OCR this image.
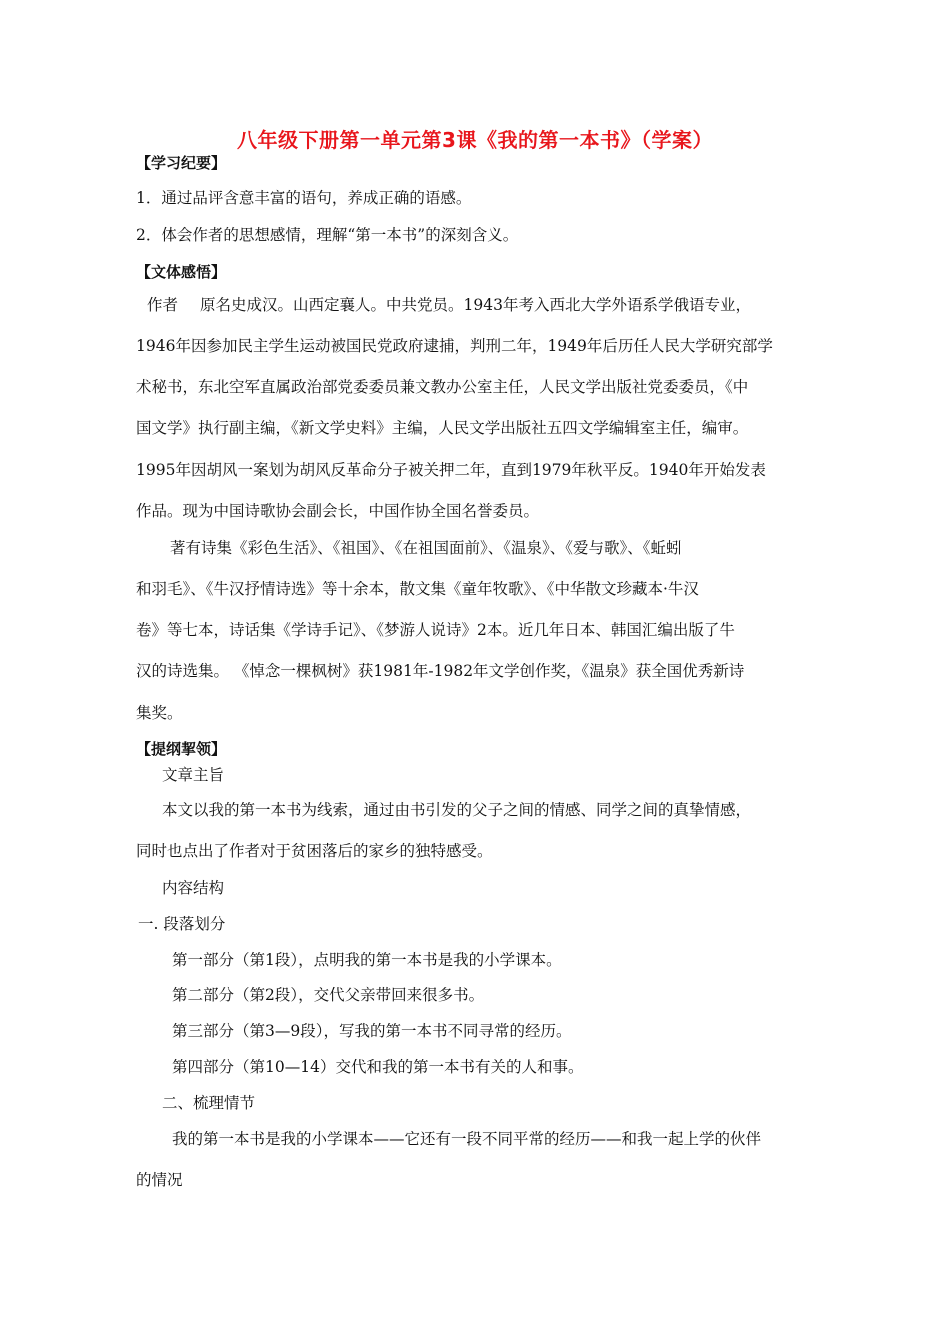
八年级下册第一单元第3课《我的第一本书》（学案）
【学习纪要】
1．通过品评含意丰富的语句，养成正确的语感。
2．体会作者的思想感情，理解“第一本书”的深刻含义。
【文体感悟】
作者 原名史成汉。山西定襄人。中共党员。1943年考入西北大学外语系学俄语专业，
1946年因参加民主学生运动被国民党政府逮捕，判刑二年，1949年后历任人民大学研究部学
术秘书，东北空军直属政治部党委委员兼文教办公室主任，人民文学出版社党委委员，《中
国文学》执行副主编，《新文学史料》主编，人民文学出版社五四文学编辑室主任，编审。
1995年因胡风一案划为胡风反革命分子被关押二年，直到1979年秋平反。1940年开始发表
作品。现为中国诗歌协会副会长，中国作协全国名誉委员。
著有诗集《彩色生活》、《祖国》、《在祖国面前》、《温泉》、《爱与歌》、《蚯蚓
和羽毛》、《牛汉抒情诗选》等十余本，散文集《童年牧歌》、《中华散文珍藏本·牛汉
卷》等七本，诗话集《学诗手记》、《梦游人说诗》2本。近几年日本、韩国汇编出版了牛
汉的诗选集。 《悼念一棵枫树》获1981年-1982年文学创作奖，《温泉》获全国优秀新诗
集奖。
【提纲挈领】
文章主旨
本文以我的第一本书为线索，通过由书引发的父子之间的情感、同学之间的真挚情感，
同时也点出了作者对于贫困落后的家乡的独特感受。
内容结构
一. 段落划分
第一部分（第1段），点明我的第一本书是我的小学课本。
第二部分（第2段），交代父亲带回来很多书。
第三部分（第3—9段），写我的第一本书不同寻常的经历。
第四部分（第10—14）交代和我的第一本书有关的人和事。
二、梳理情节
我的第一本书是我的小学课本——它还有一段不同平常的经历——和我一起上学的伙伴
的情况
